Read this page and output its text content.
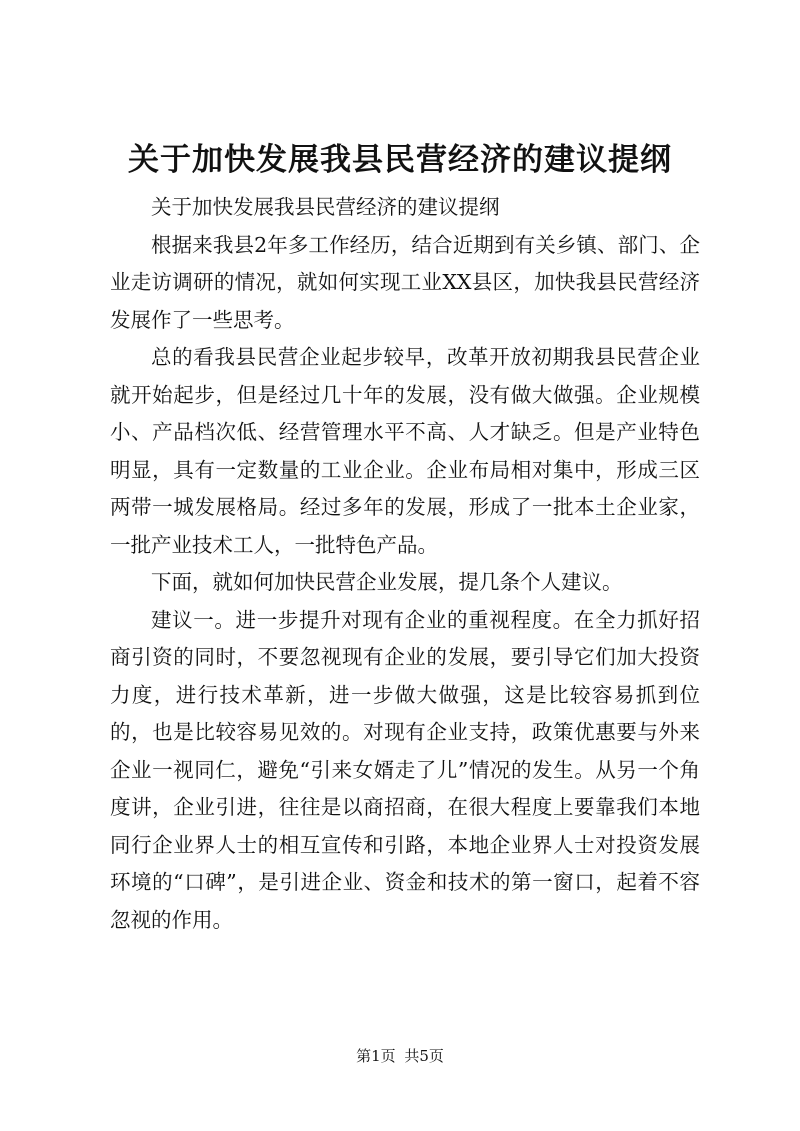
关于加快发展我县民营经济的建议提纲

关于加快发展我县民营经济的建议提纲

根据来我县2年多工作经历，结合近期到有关乡镇、部门、企业走访调研的情况，就如何实现工业XX县区，加快我县民营经济发展作了一些思考。

总的看我县民营企业起步较早，改革开放初期我县民营企业就开始起步，但是经过几十年的发展，没有做大做强。企业规模小、产品档次低、经营管理水平不高、人才缺乏。但是产业特色明显，具有一定数量的工业企业。企业布局相对集中，形成三区两带一城发展格局。经过多年的发展，形成了一批本土企业家，一批产业技术工人，一批特色产品。

下面，就如何加快民营企业发展，提几条个人建议。

建议一。进一步提升对现有企业的重视程度。在全力抓好招商引资的同时，不要忽视现有企业的发展，要引导它们加大投资力度，进行技术革新，进一步做大做强，这是比较容易抓到位的，也是比较容易见效的。对现有企业支持，政策优惠要与外来企业一视同仁，避免“引来女婿走了儿”情况的发生。从另一个角度讲，企业引进，往往是以商招商，在很大程度上要靠我们本地同行企业界人士的相互宣传和引路，本地企业界人士对投资发展环境的“口碑”，是引进企业、资金和技术的第一窗口，起着不容忽视的作用。

第1页 共5页
